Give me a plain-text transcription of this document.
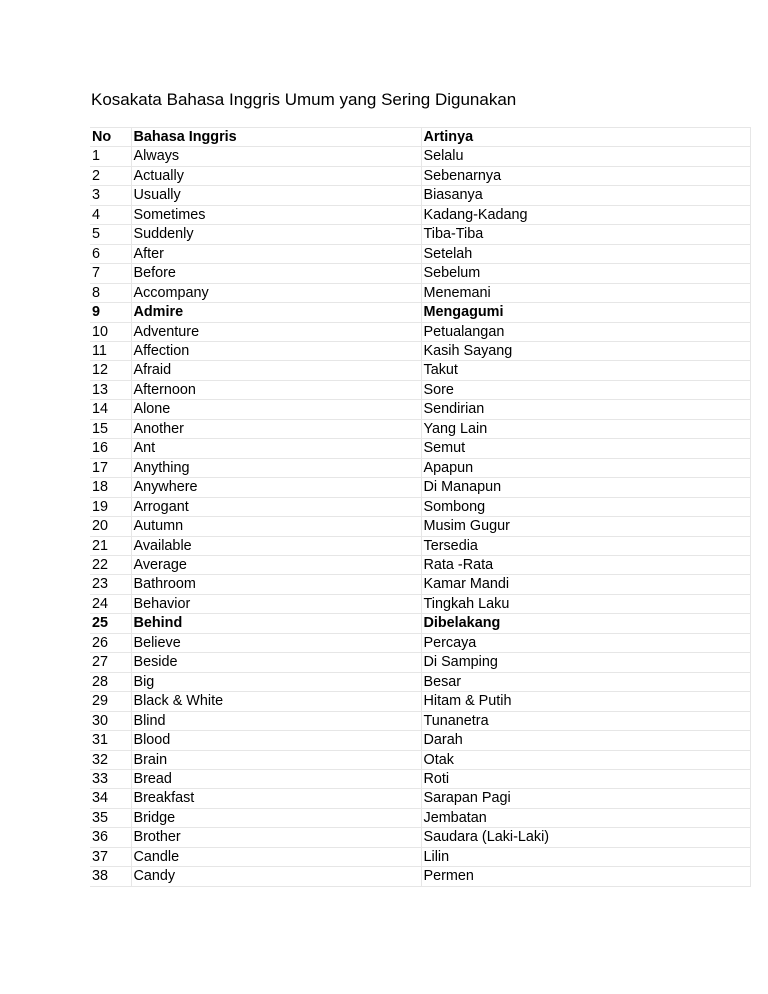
Kosakata Bahasa Inggris Umum yang Sering Digunakan
No	Bahasa Inggris	Artinya
1	Always	Selalu
2	Actually	Sebenarnya
3	Usually	Biasanya
4	Sometimes	Kadang-Kadang
5	Suddenly	Tiba-Tiba
6	After	Setelah
7	Before	Sebelum
8	Accompany	Menemani
9	Admire	Mengagumi
10	Adventure	Petualangan
11	Affection	Kasih Sayang
12	Afraid	Takut
13	Afternoon	Sore
14	Alone	Sendirian
15	Another	Yang Lain
16	Ant	Semut
17	Anything	Apapun
18	Anywhere	Di Manapun
19	Arrogant	Sombong
20	Autumn	Musim Gugur
21	Available	Tersedia
22	Average	Rata -Rata
23	Bathroom	Kamar Mandi
24	Behavior	Tingkah Laku
25	Behind	Dibelakang
26	Believe	Percaya
27	Beside	Di Samping
28	Big	Besar
29	Black & White	Hitam & Putih
30	Blind	Tunanetra
31	Blood	Darah
32	Brain	Otak
33	Bread	Roti
34	Breakfast	Sarapan Pagi
35	Bridge	Jembatan
36	Brother	Saudara (Laki-Laki)
37	Candle	Lilin
38	Candy	Permen
